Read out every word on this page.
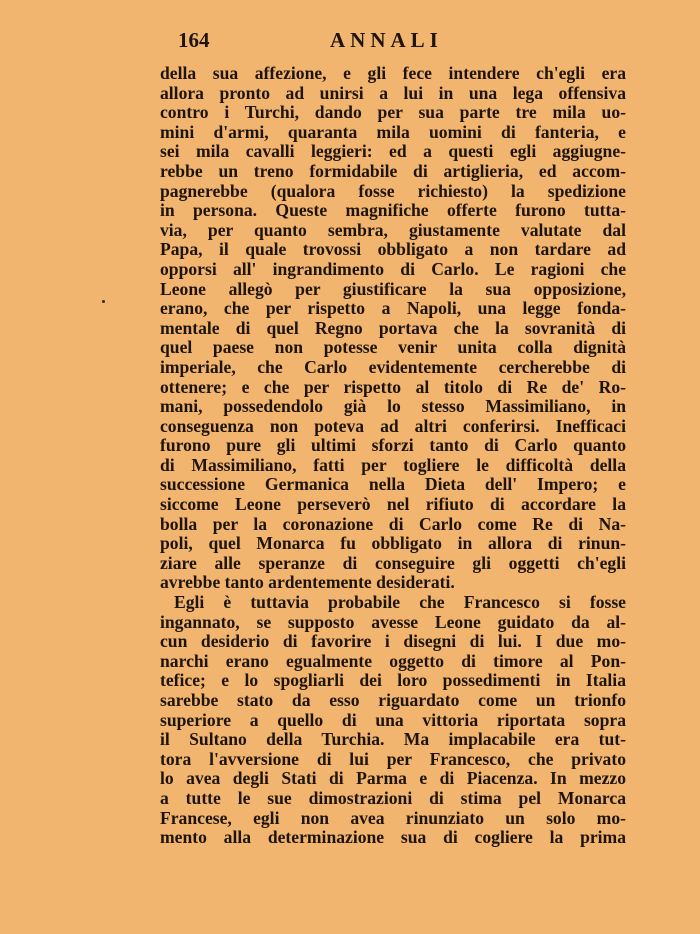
164	ANNALI
della sua affezione, e gli fece intendere ch'egli era
allora pronto ad unirsi a lui in una lega offensiva
contro i Turchi, dando per sua parte tre mila uo-
mini d'armi, quaranta mila uomini di fanteria, e
sei mila cavalli leggieri: ed a questi egli aggiugne-
rebbe un treno formidabile di artiglieria, ed accom-
pagnerebbe (qualora fosse richiesto) la spedizione
in persona. Queste magnifiche offerte furono tutta-
via, per quanto sembra, giustamente valutate dal
Papa, il quale trovossi obbligato a non tardare ad
opporsi all' ingrandimento di Carlo. Le ragioni che
Leone allegò per giustificare la sua opposizione,
erano, che per rispetto a Napoli, una legge fonda-
mentale di quel Regno portava che la sovranità di
quel paese non potesse venir unita colla dignità
imperiale, che Carlo evidentemente cercherebbe di
ottenere; e che per rispetto al titolo di Re de' Ro-
mani, possedendolo già lo stesso Massimiliano, in
conseguenza non poteva ad altri conferirsi. Inefficaci
furono pure gli ultimi sforzi tanto di Carlo quanto
di Massimiliano, fatti per togliere le difficoltà della
successione Germanica nella Dieta dell' Impero; e
siccome Leone perseverò nel rifiuto di accordare la
bolla per la coronazione di Carlo come Re di Na-
poli, quel Monarca fu obbligato in allora di rinun-
ziare alle speranze di conseguire gli oggetti ch'egli
avrebbe tanto ardentemente desiderati.
Egli è tuttavia probabile che Francesco si fosse
ingannato, se supposto avesse Leone guidato da al-
cun desiderio di favorire i disegni di lui. I due mo-
narchi erano egualmente oggetto di timore al Pon-
tefice; e lo spogliarli dei loro possedimenti in Italia
sarebbe stato da esso riguardato come un trionfo
superiore a quello di una vittoria riportata sopra
il Sultano della Turchia. Ma implacabile era tut-
tora l'avversione di lui per Francesco, che privato
lo avea degli Stati di Parma e di Piacenza. In mezzo
a tutte le sue dimostrazioni di stima pel Monarca
Francese, egli non avea rinunziato un solo mo-
mento alla determinazione sua di cogliere la prima
